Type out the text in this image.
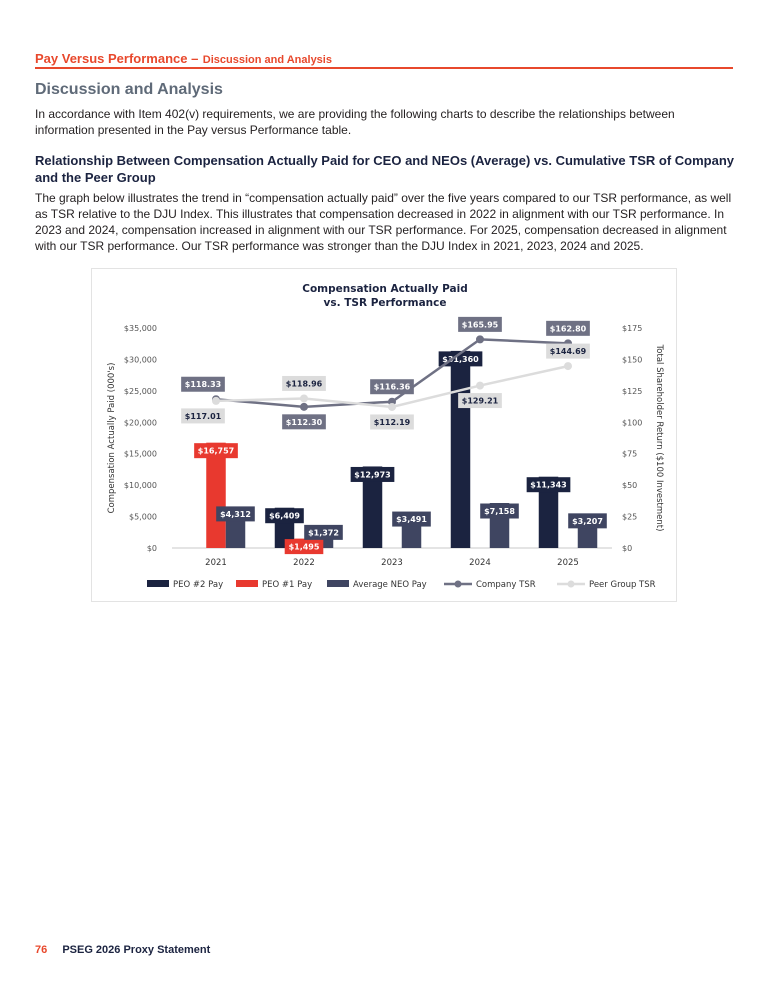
Pay Versus Performance – Discussion and Analysis
Discussion and Analysis
In accordance with Item 402(v) requirements, we are providing the following charts to describe the relationships between information presented in the Pay versus Performance table.
Relationship Between Compensation Actually Paid for CEO and NEOs (Average) vs. Cumulative TSR of Company and the Peer Group
The graph below illustrates the trend in “compensation actually paid” over the five years compared to our TSR performance, as well as TSR relative to the DJU Index. This illustrates that compensation decreased in 2022 in alignment with our TSR performance. In 2023 and 2024, compensation increased in alignment with our TSR performance. For 2025, compensation decreased in alignment with our TSR performance. Our TSR performance was stronger than the DJU Index in 2021, 2023, 2024 and 2025.
Compensation Actually Paid
vs. TSR Performance
$0	$0
$5,000	$25
$10,000	$50
$15,000	$75
$20,000	$100
$25,000	$125
$30,000	$150
$35,000	$175
Compensation Actually Paid (000's)	Total Shareholder Return ($100 Investment)
2021	2022	2023	2024	2025
$6,409
$12,973
$31,360
$11,343
$16,757
$1,495
$4,312
$1,372
$3,491
$7,158
$3,207
$118.33
$112.30
$116.36
$165.95	$162.80
$117.01
$118.96
$112.19
$129.21
$144.69
PEO #2 Pay	PEO #1 Pay	Average NEO Pay	Company TSR	Peer Group TSR
76 PSEG 2026 Proxy Statement
